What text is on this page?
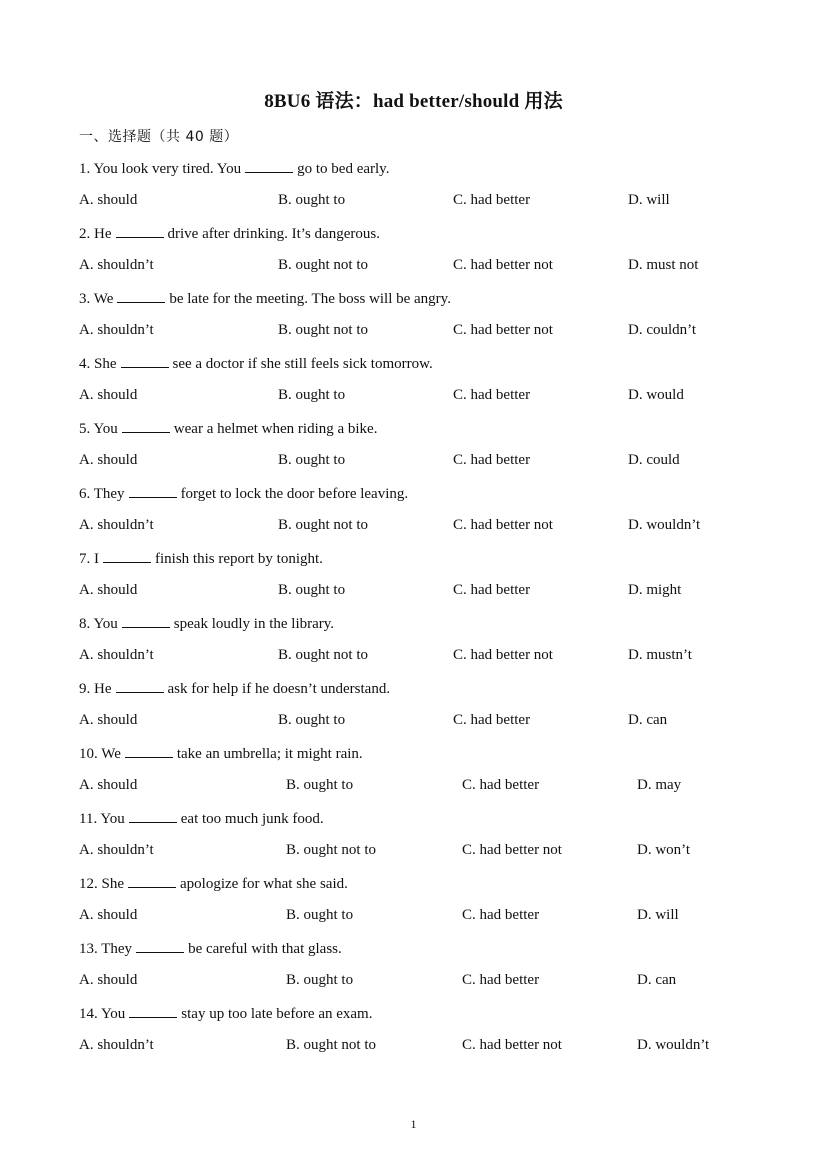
8BU6 语法：had better/should 用法
一、选择题（共 40 题）
1. You look very tired. You	go to bed early.
A. should	B. ought to	C. had better	D. will
2. He	drive after drinking. It’s dangerous.
A. shouldn’t	B. ought not to	C. had better not	D. must not
3. We	be late for the meeting. The boss will be angry.
A. shouldn’t	B. ought not to	C. had better not	D. couldn’t
4. She	see a doctor if she still feels sick tomorrow.
A. should	B. ought to	C. had better	D. would
5. You	wear a helmet when riding a bike.
A. should	B. ought to	C. had better	D. could
6. They	forget to lock the door before leaving.
A. shouldn’t	B. ought not to	C. had better not	D. wouldn’t
7. I	finish this report by tonight.
A. should	B. ought to	C. had better	D. might
8. You	speak loudly in the library.
A. shouldn’t	B. ought not to	C. had better not	D. mustn’t
9. He	ask for help if he doesn’t understand.
A. should	B. ought to	C. had better	D. can
10. We	take an umbrella; it might rain.
A. should	B. ought to	C. had better	D. may
11. You	eat too much junk food.
A. shouldn’t	B. ought not to	C. had better not	D. won’t
12. She	apologize for what she said.
A. should	B. ought to	C. had better	D. will
13. They	be careful with that glass.
A. should	B. ought to	C. had better	D. can
14. You	stay up too late before an exam.
A. shouldn’t	B. ought not to	C. had better not	D. wouldn’t
1
